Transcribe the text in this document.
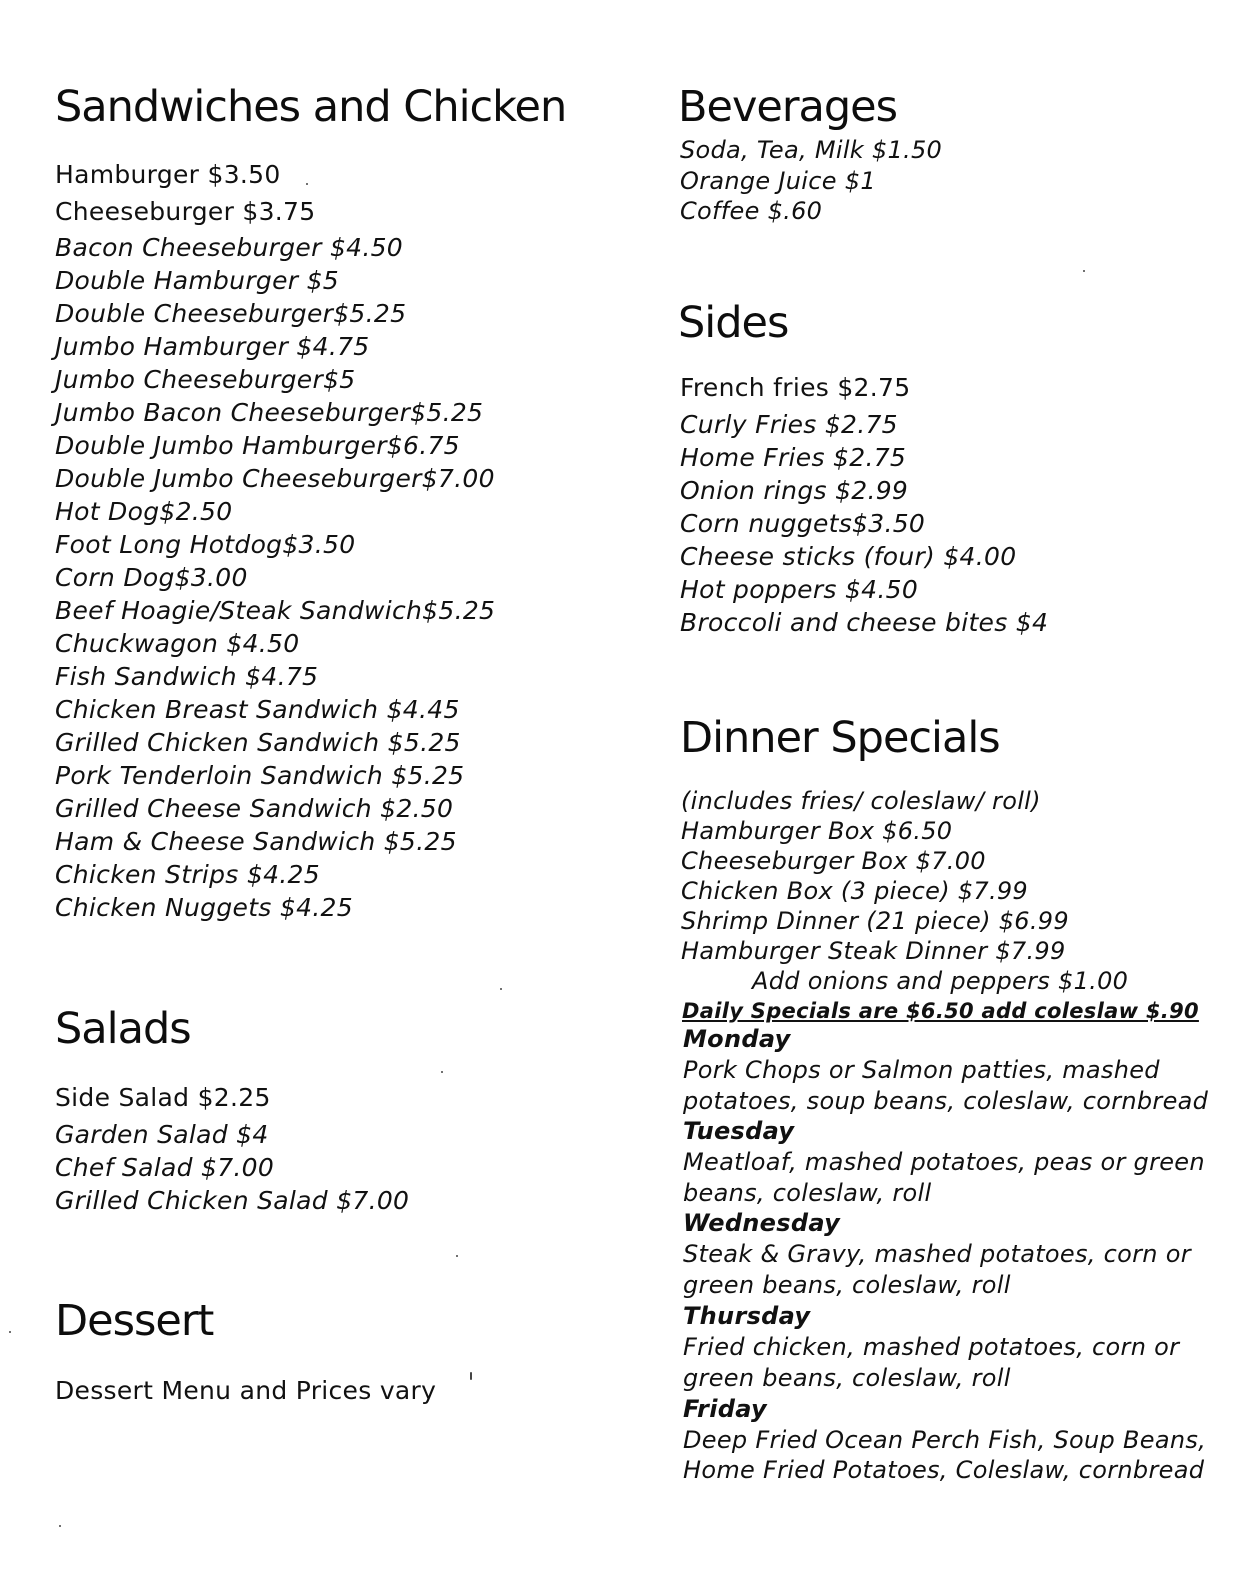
Sandwiches and Chicken
Hamburger $3.50
Cheeseburger $3.75
Bacon Cheeseburger $4.50
Double Hamburger $5
Double Cheeseburger$5.25
Jumbo Hamburger $4.75
Jumbo Cheeseburger$5
Jumbo Bacon Cheeseburger$5.25
Double Jumbo Hamburger$6.75
Double Jumbo Cheeseburger$7.00
Hot Dog$2.50
Foot Long Hotdog$3.50
Corn Dog$3.00
Beef Hoagie/Steak Sandwich$5.25
Chuckwagon $4.50
Fish Sandwich $4.75
Chicken Breast Sandwich $4.45
Grilled Chicken Sandwich $5.25
Pork Tenderloin Sandwich $5.25
Grilled Cheese Sandwich $2.50
Ham & Cheese Sandwich $5.25
Chicken Strips $4.25
Chicken Nuggets $4.25
Salads
Side Salad $2.25
Garden Salad $4
Chef Salad $7.00
Grilled Chicken Salad $7.00
Dessert
Dessert Menu and Prices vary
Beverages
Soda, Tea, Milk $1.50
Orange Juice $1
Coffee $.60
Sides
French fries $2.75
Curly Fries $2.75
Home Fries $2.75
Onion rings $2.99
Corn nuggets$3.50
Cheese sticks (four) $4.00
Hot poppers $4.50
Broccoli and cheese bites $4
Dinner Specials
(includes fries/ coleslaw/ roll)
Hamburger Box $6.50
Cheeseburger Box $7.00
Chicken Box (3 piece) $7.99
Shrimp Dinner (21 piece) $6.99
Hamburger Steak Dinner $7.99
Add onions and peppers $1.00
Daily Specials are $6.50 add coleslaw $.90
Monday
Pork Chops or Salmon patties, mashed
potatoes, soup beans, coleslaw, cornbread
Tuesday
Meatloaf, mashed potatoes, peas or green
beans, coleslaw, roll
Wednesday
Steak & Gravy, mashed potatoes, corn or
green beans, coleslaw, roll
Thursday
Fried chicken, mashed potatoes, corn or
green beans, coleslaw, roll
Friday
Deep Fried Ocean Perch Fish, Soup Beans,
Home Fried Potatoes, Coleslaw, cornbread
